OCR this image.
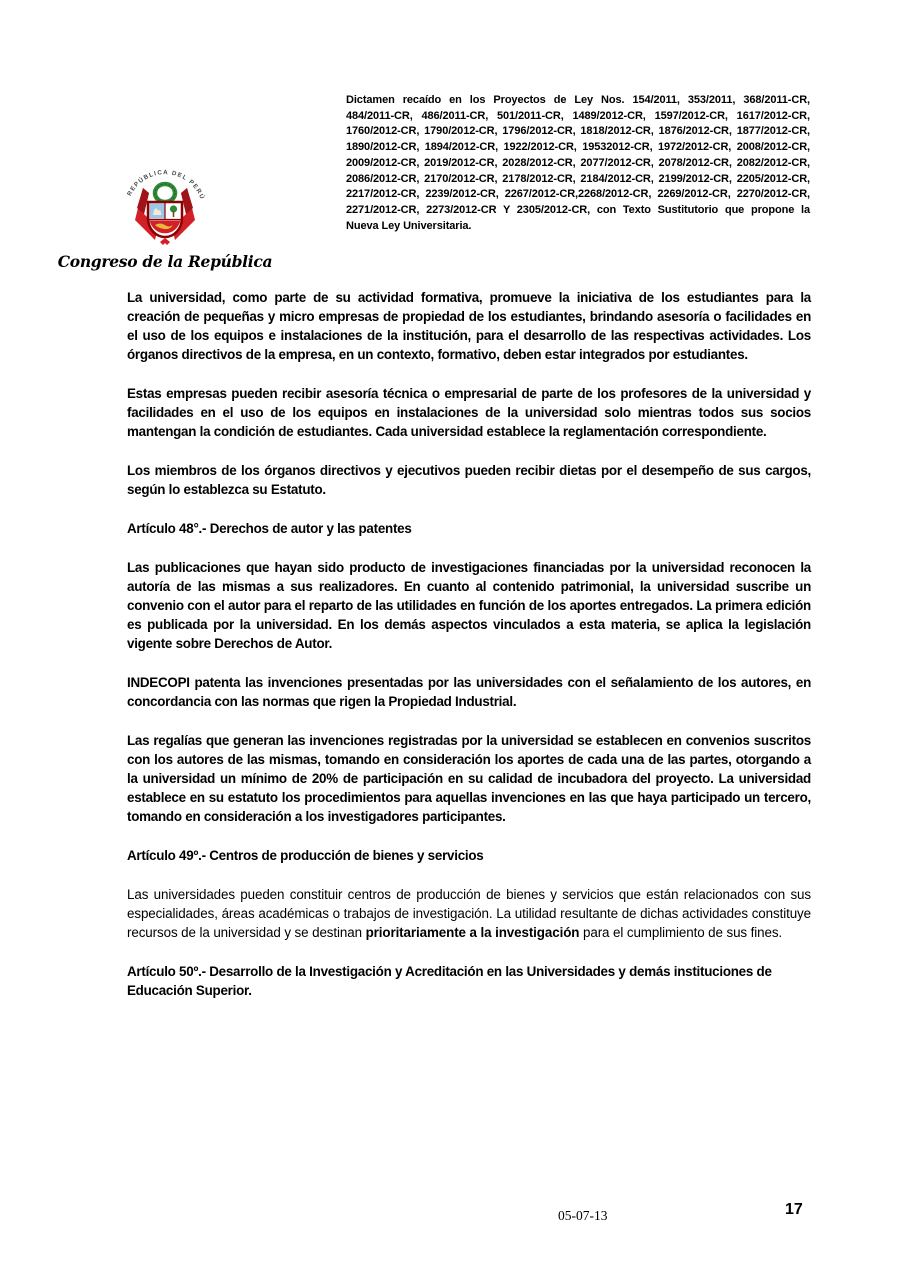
Dictamen recaído en los Proyectos de Ley Nos. 154/2011, 353/2011, 368/2011-CR, 484/2011-CR, 486/2011-CR, 501/2011-CR, 1489/2012-CR, 1597/2012-CR, 1617/2012-CR, 1760/2012-CR, 1790/2012-CR, 1796/2012-CR, 1818/2012-CR, 1876/2012-CR, 1877/2012-CR, 1890/2012-CR, 1894/2012-CR, 1922/2012-CR, 19532012-CR, 1972/2012-CR, 2008/2012-CR, 2009/2012-CR, 2019/2012-CR, 2028/2012-CR, 2077/2012-CR, 2078/2012-CR, 2082/2012-CR, 2086/2012-CR, 2170/2012-CR, 2178/2012-CR, 2184/2012-CR, 2199/2012-CR, 2205/2012-CR, 2217/2012-CR, 2239/2012-CR, 2267/2012-CR,2268/2012-CR, 2269/2012-CR, 2270/2012-CR, 2271/2012-CR, 2273/2012-CR Y 2305/2012-CR, con Texto Sustitutorio que propone la Nueva Ley Universitaria.
REPÚBLICA DEL PERÚ
Congreso de la República

La universidad, como parte de su actividad formativa, promueve la iniciativa de los estudiantes para la creación de pequeñas y micro empresas de propiedad de los estudiantes, brindando asesoría o facilidades en el uso de los equipos e instalaciones de la institución, para el desarrollo de las respectivas actividades. Los órganos directivos de la empresa, en un contexto, formativo, deben estar integrados por estudiantes.

Estas empresas pueden recibir asesoría técnica o empresarial de parte de los profesores de la universidad y facilidades en el uso de los equipos en instalaciones de la universidad solo mientras todos sus socios mantengan la condición de estudiantes. Cada universidad establece la reglamentación correspondiente.

Los miembros de los órganos directivos y ejecutivos pueden recibir dietas por el desempeño de sus cargos, según lo establezca su Estatuto.

Artículo 48°.- Derechos de autor y las patentes

Las publicaciones que hayan sido producto de investigaciones financiadas por la universidad reconocen la autoría de las mismas a sus realizadores. En cuanto al contenido patrimonial, la universidad suscribe un convenio con el autor para el reparto de las utilidades en función de los aportes entregados. La primera edición es publicada por la universidad. En los demás aspectos vinculados a esta materia, se aplica la legislación vigente sobre Derechos de Autor.

INDECOPI patenta las invenciones presentadas por las universidades con el señalamiento de los autores, en concordancia con las normas que rigen la Propiedad Industrial.

Las regalías que generan las invenciones registradas por la universidad se establecen en convenios suscritos con los autores de las mismas, tomando en consideración los aportes de cada una de las partes, otorgando a la universidad un mínimo de 20% de participación en su calidad de incubadora del proyecto. La universidad establece en su estatuto los procedimientos para aquellas invenciones en las que haya participado un tercero, tomando en consideración a los investigadores participantes.

Artículo 49º.- Centros de producción de bienes y servicios

Las universidades pueden constituir centros de producción de bienes y servicios que están relacionados con sus especialidades, áreas académicas o trabajos de investigación. La utilidad resultante de dichas actividades constituye recursos de la universidad y se destinan prioritariamente a la investigación para el cumplimiento de sus fines.

Artículo 50º.- Desarrollo de la Investigación y Acreditación en las Universidades y demás instituciones de Educación Superior.

05-07-13	17
